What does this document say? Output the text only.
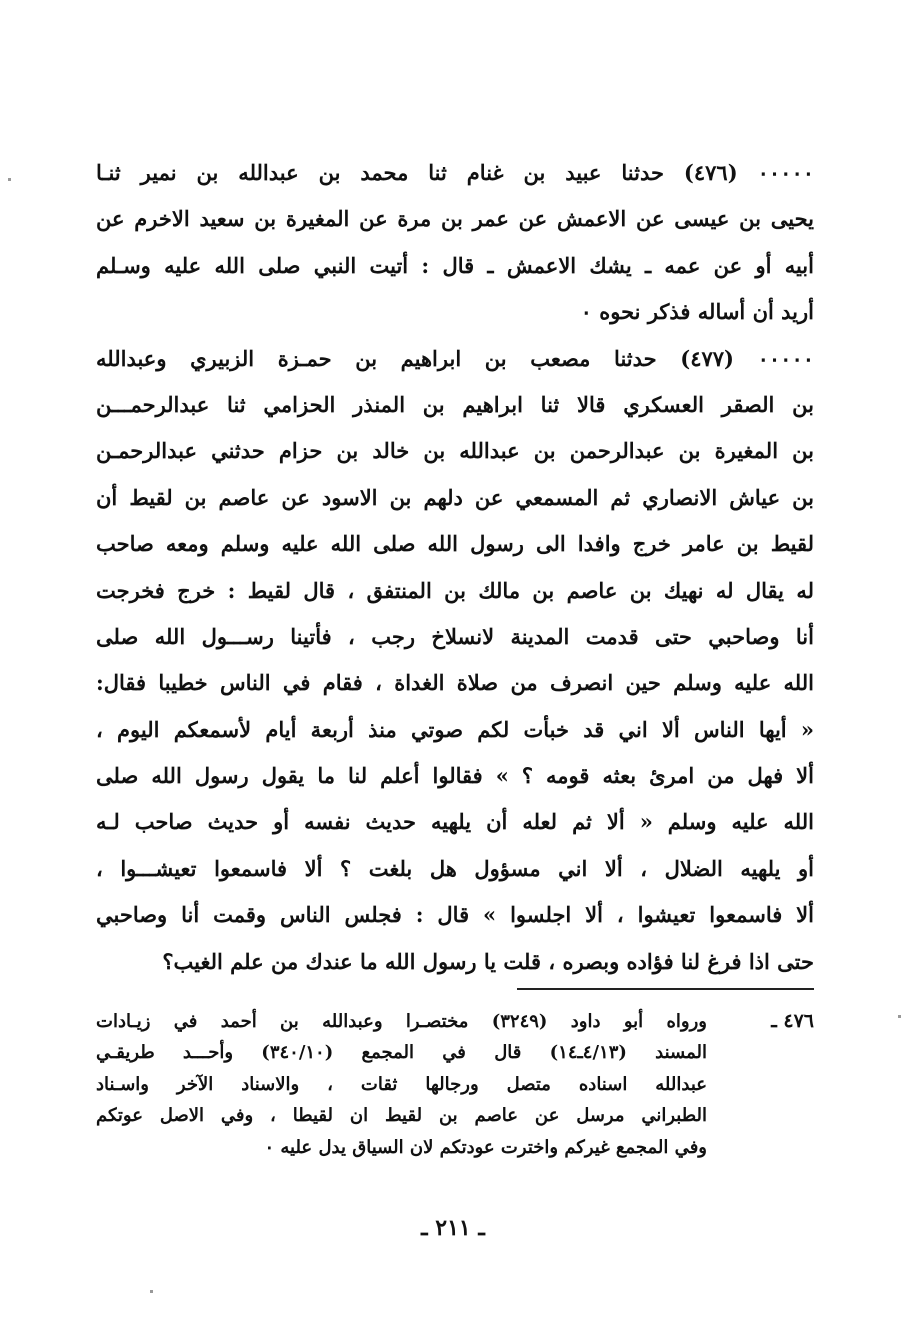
٠٠٠٠٠ (٤٧٦) حدثنا عبيد بن غنام ثنا محمد بن عبدالله بن نمير ثنـا
يحيى بن عيسى عن الاعمش عن عمر بن مرة عن المغيرة بن سعيد الاخرم عن
أبيه أو عن عمه ـ يشك الاعمش ـ قال : أتيت النبي صلى الله عليه وسـلم
أريد أن أساله فذكر نحوه ٠
٠٠٠٠٠ (٤٧٧) حدثنا مصعب بن ابراهيم بن حمـزة الزبيري وعبدالله
بن الصقر العسكري قالا ثنا ابراهيم بن المنذر الحزامي ثنا عبدالرحمـــن
بن المغيرة بن عبدالرحمن بن عبدالله بن خالد بن حزام حدثني عبدالرحمـن
بن عياش الانصاري ثم المسمعي عن دلهم بن الاسود عن عاصم بن لقيط أن
لقيط بن عامر خرج وافدا الى رسول الله صلى الله عليه وسلم ومعه صاحب
له يقال له نهيك بن عاصم بن مالك بن المنتفق ، قال لقيط : خرج فخرجت
أنا وصاحبي حتى قدمت المدينة لانسلاخ رجب ، فأتينا رســـول الله صلى
الله عليه وسلم حين انصرف من صلاة الغداة ، فقام في الناس خطيبا فقال:
« أيها الناس ألا اني قد خبأت لكم صوتي منذ أربعة أيام لأسمعكم اليوم ،
ألا فهل من امرئ بعثه قومه ؟ » فقالوا أعلم لنا ما يقول رسول الله صلى
الله عليه وسلم « ألا ثم لعله أن يلهيه حديث نفسه أو حديث صاحب لـه
أو يلهيه الضلال ، ألا اني مسؤول هل بلغت ؟ ألا فاسمعوا تعيشـــوا ،
ألا فاسمعوا تعيشوا ، ألا اجلسوا » قال : فجلس الناس وقمت أنا وصاحبي
حتى اذا فرغ لنا فؤاده وبصره ، قلت يا رسول الله ما عندك من علم الغيب؟
٤٧٦ ـ
ورواه أبو داود (٣٢٤٩) مختصـرا وعبدالله بن أحمد في زيـادات
المسند (٤/١٣ـ١٤) قال في المجمع (٣٤٠/١٠) وأحـــد طريقـي
عبدالله اسناده متصل ورجالها ثقات ، والاسناد الآخر واسـناد
الطبراني مرسل عن عاصم بن لقيط ان لقيطا ، وفي الاصل عوتكم
وفي المجمع غيركم واخترت عودتكم لان السياق يدل عليه ٠
ـ ٢١١ ـ
